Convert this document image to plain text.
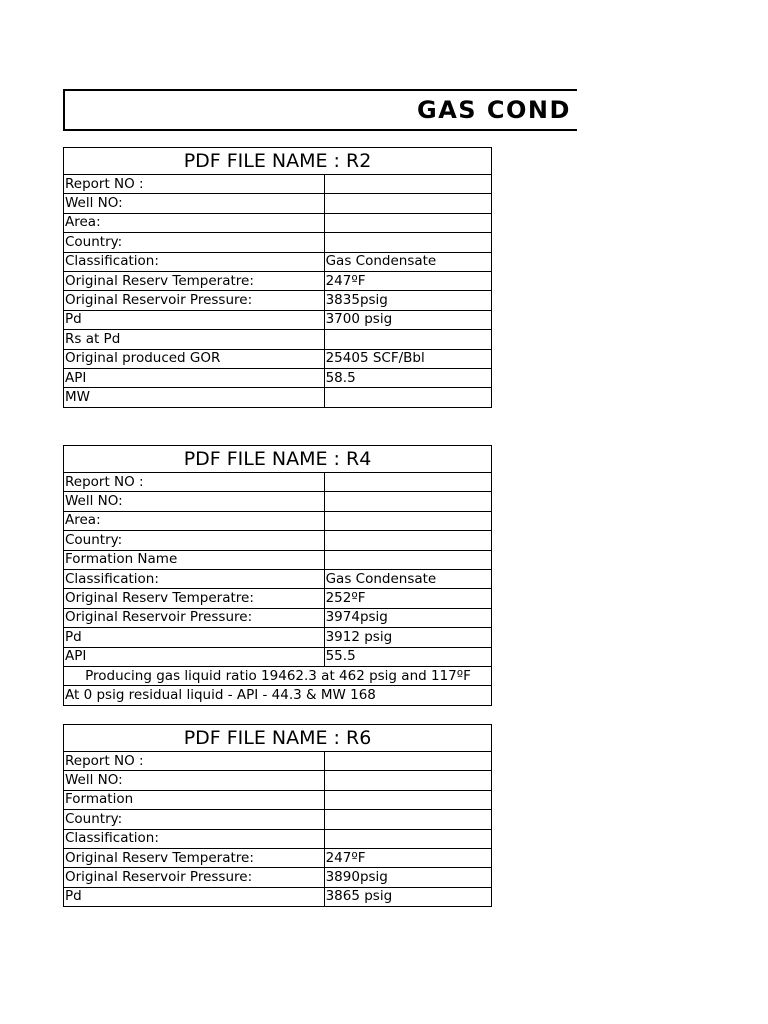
GAS COND
PDF FILE NAME : R2	
Report NO :	
Well NO:	
Area:	
Country:	
Classification:	Gas Condensate
Original Reserv Temperatre:	247ºF
Original Reservoir Pressure:	3835psig
Pd	3700 psig
Rs at Pd	
Original produced GOR	25405 SCF/Bbl
API	58.5
MW	
PDF FILE NAME : R4	
Report NO :	
Well NO:	
Area:	
Country:	
Formation Name	
Classification:	Gas Condensate
Original Reserv Temperatre:	252ºF
Original Reservoir Pressure:	3974psig
Pd	3912 psig
API	55.5
Producing gas liquid ratio 19462.3 at 462 psig and 117ºF	
At 0 psig residual liquid - API - 44.3 & MW 168	
PDF FILE NAME : R6	
Report NO :	
Well NO:	
Formation	
Country:	
Classification:	
Original Reserv Temperatre:	247ºF
Original Reservoir Pressure:	3890psig
Pd	3865 psig
